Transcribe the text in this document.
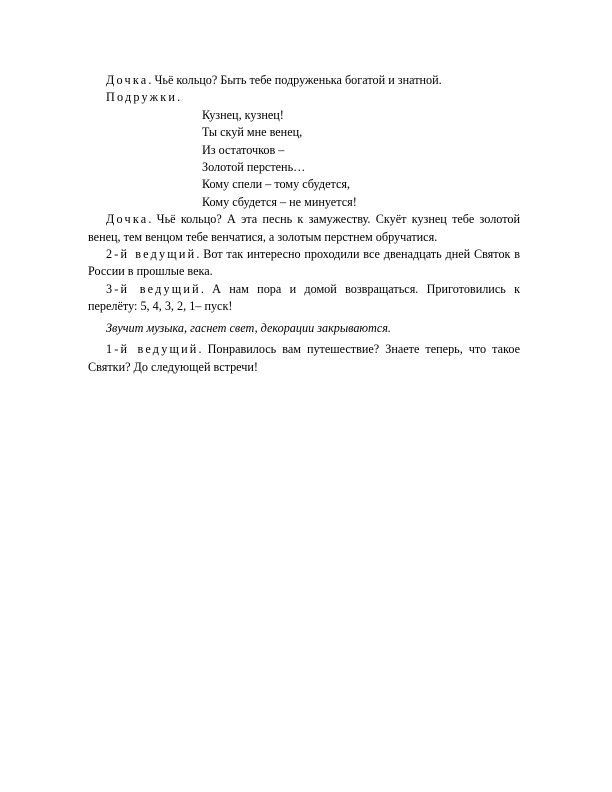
Дочка. Чьё кольцо? Быть тебе подруженька богатой и знатной.

Подружки.

Кузнец, кузнец!
Ты скуй мне венец,
Из остаточков –
Золотой перстень…
Кому спели – тому сбудется,
Кому сбудется – не минуется!

Дочка. Чьё кольцо? А эта песнь к замужеству. Скуёт кузнец тебе золотой венец, тем венцом тебе венчатися, а золотым перстнем обручатися.

2-й ведущий. Вот так интересно проходили все двенадцать дней Святок в России в прошлые века.

3-й ведущий. А нам пора и домой возвращаться. Приготовились к перелёту: 5, 4, 3, 2, 1– пуск!

Звучит музыка, гаснет свет, декорации закрываются.

1-й ведущий. Понравилось вам путешествие? Знаете теперь, что такое Святки? До следующей встречи!
